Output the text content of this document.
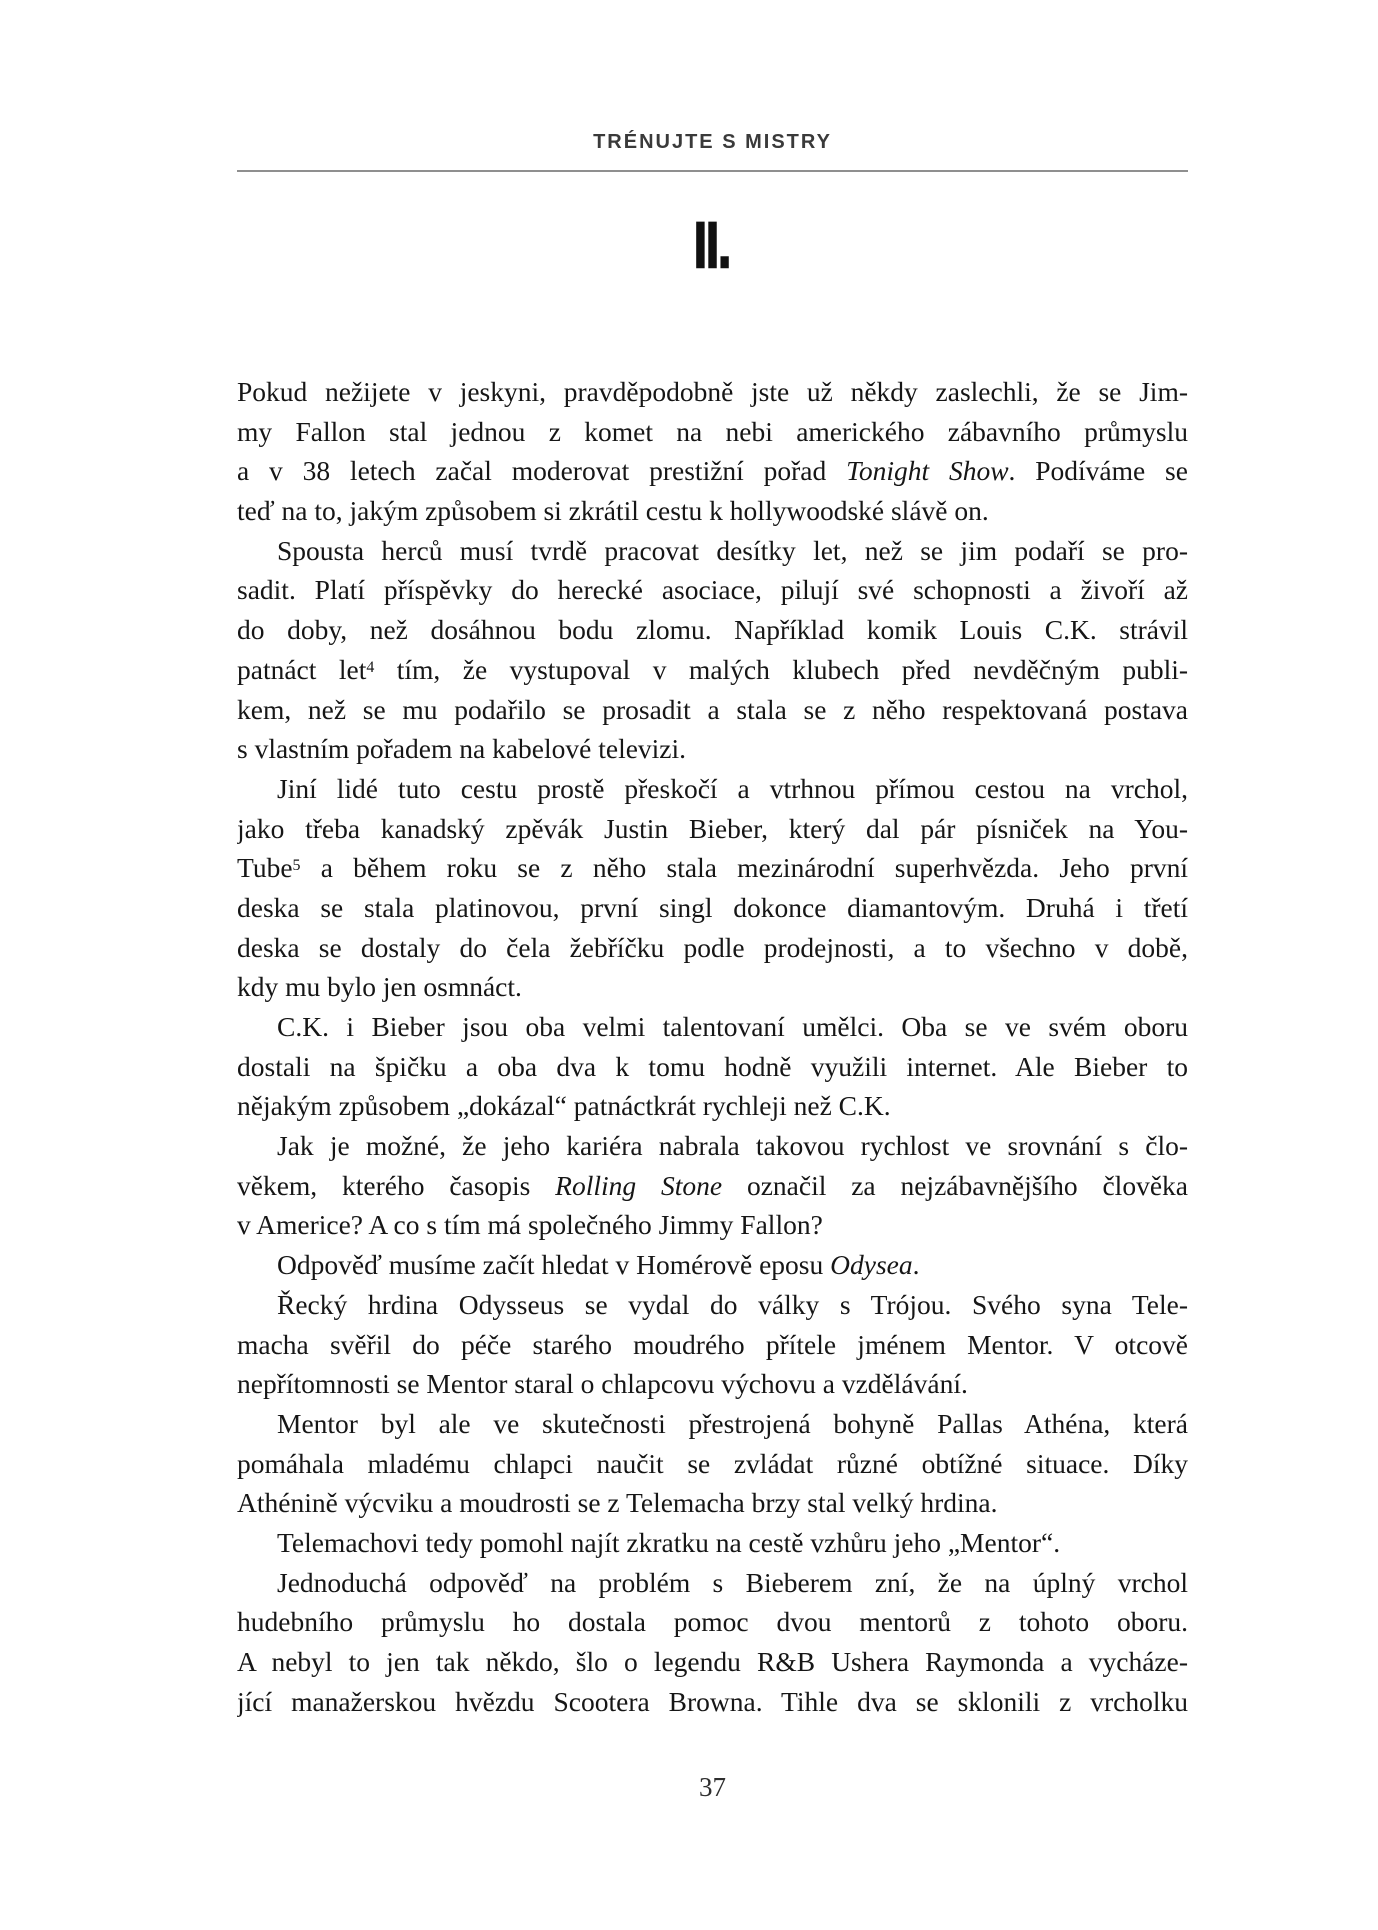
TRÉNUJTE S MISTRY
II.
Pokud nežijete v jeskyni, pravděpodobně jste už někdy zaslechli, že se Jim-
my Fallon stal jednou z komet na nebi amerického zábavního průmyslu
a v 38 letech začal moderovat prestižní pořad Tonight Show. Podíváme se
teď na to, jakým způsobem si zkrátil cestu k hollywoodské slávě on.
Spousta herců musí tvrdě pracovat desítky let, než se jim podaří se pro-
sadit. Platí příspěvky do herecké asociace, pilují své schopnosti a živoří až
do doby, než dosáhnou bodu zlomu. Například komik Louis C.K. strávil
patnáct let$^4$ tím, že vystupoval v malých klubech před nevděčným publi-
kem, než se mu podařilo se prosadit a stala se z něho respektovaná postava
s vlastním pořadem na kabelové televizi.
Jiní lidé tuto cestu prostě přeskočí a vtrhnou přímou cestou na vrchol,
jako třeba kanadský zpěvák Justin Bieber, který dal pár písniček na You-
Tube$^5$ a během roku se z něho stala mezinárodní superhvězda. Jeho první
deska se stala platinovou, první singl dokonce diamantovým. Druhá i třetí
deska se dostaly do čela žebříčku podle prodejnosti, a to všechno v době,
kdy mu bylo jen osmnáct.
C.K. i Bieber jsou oba velmi talentovaní umělci. Oba se ve svém oboru
dostali na špičku a oba dva k tomu hodně využili internet. Ale Bieber to
nějakým způsobem „dokázal“ patnáctkrát rychleji než C.K.
Jak je možné, že jeho kariéra nabrala takovou rychlost ve srovnání s člo-
věkem, kterého časopis Rolling Stone označil za nejzábavnějšího člověka
v Americe? A co s tím má společného Jimmy Fallon?
Odpověď musíme začít hledat v Homérově eposu Odysea.
Řecký hrdina Odysseus se vydal do války s Trójou. Svého syna Tele-
macha svěřil do péče starého moudrého přítele jménem Mentor. V otcově
nepřítomnosti se Mentor staral o chlapcovu výchovu a vzdělávání.
Mentor byl ale ve skutečnosti přestrojená bohyně Pallas Athéna, která
pomáhala mladému chlapci naučit se zvládat různé obtížné situace. Díky
Athénině výcviku a moudrosti se z Telemacha brzy stal velký hrdina.
Telemachovi tedy pomohl najít zkratku na cestě vzhůru jeho „Mentor“.
Jednoduchá odpověď na problém s Bieberem zní, že na úplný vrchol
hudebního průmyslu ho dostala pomoc dvou mentorů z tohoto oboru.
A nebyl to jen tak někdo, šlo o legendu R&B Ushera Raymonda a vycháze-
jící manažerskou hvězdu Scootera Browna. Tihle dva se sklonili z vrcholku
37
